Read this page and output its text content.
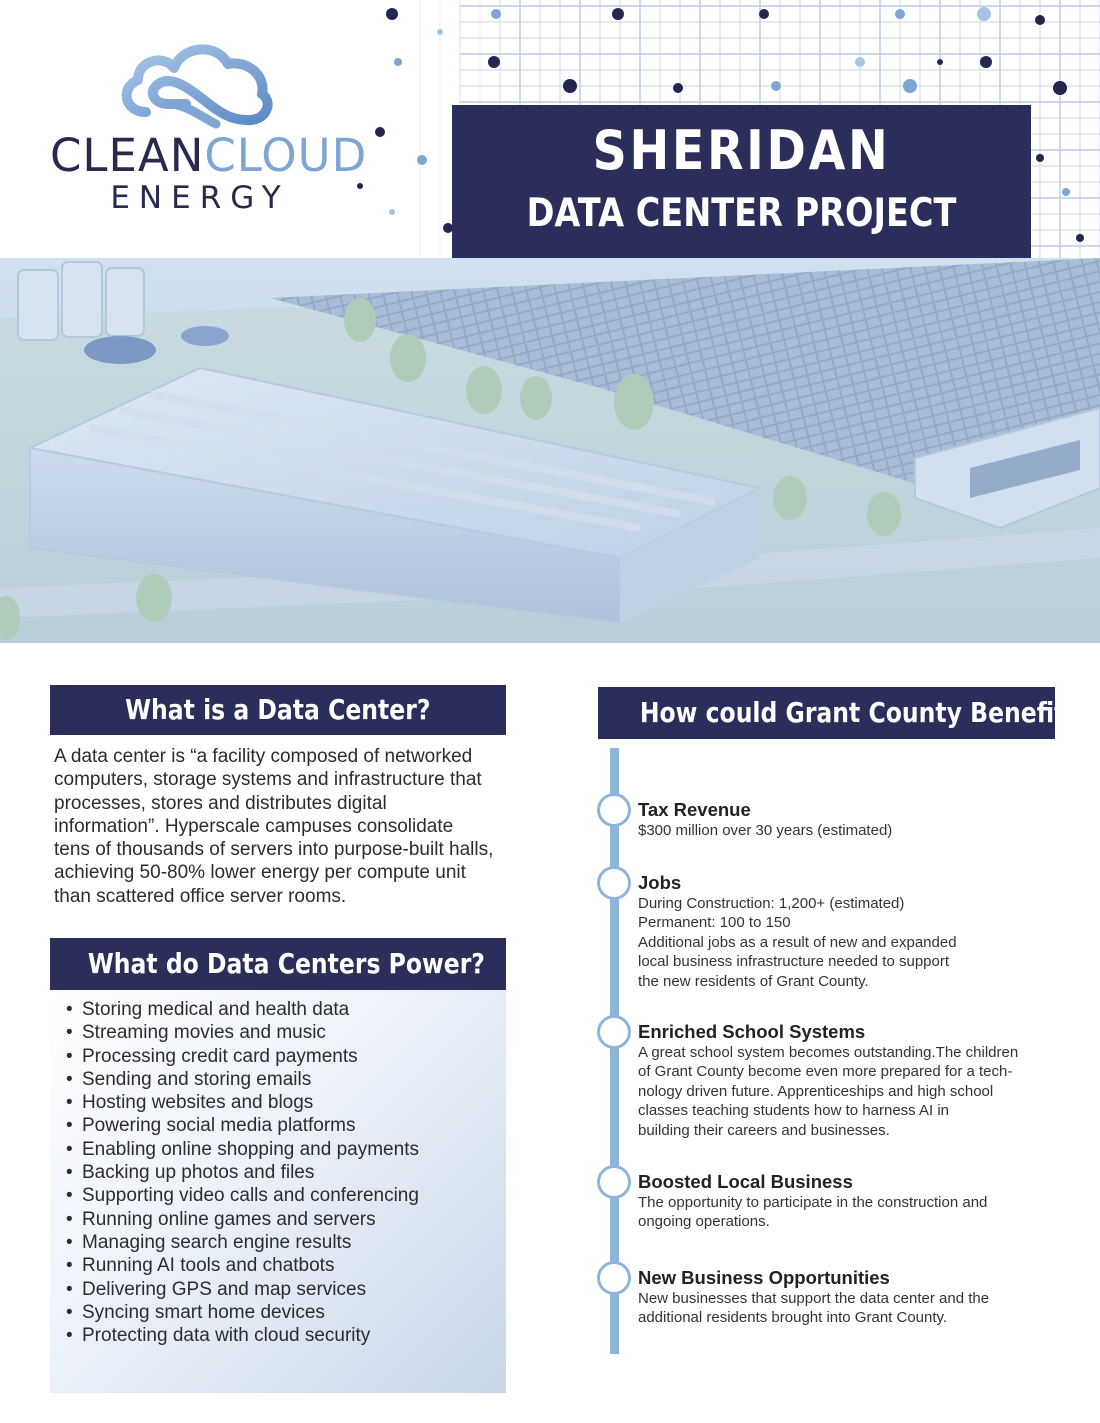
CLEANCLOUD
ENERGY
SHERIDAN
DATA CENTER PROJECT
What is a Data Center?
A data center is “a facility composed of networked computers, storage systems and infrastructure that processes, stores and distributes digital information”. Hyperscale campuses consolidate tens of thousands of servers into purpose-built halls, achieving 50-80% lower energy per compute unit than scattered office server rooms.
What do Data Centers Power?
• Storing medical and health data
• Streaming movies and music
• Processing credit card payments
• Sending and storing emails
• Hosting websites and blogs
• Powering social media platforms
• Enabling online shopping and payments
• Backing up photos and files
• Supporting video calls and conferencing
• Running online games and servers
• Managing search engine results
• Running AI tools and chatbots
• Delivering GPS and map services
• Syncing smart home devices
• Protecting data with cloud security
How could Grant County Benefit?
Tax Revenue
$300 million over 30 years (estimated)
Jobs
During Construction: 1,200+ (estimated)
Permanent: 100 to 150
Additional jobs as a result of new and expanded
local business infrastructure needed to support
the new residents of Grant County.
Enriched School Systems
A great school system becomes outstanding.The children
of Grant County become even more prepared for a tech-
nology driven future. Apprenticeships and high school
classes teaching students how to harness AI in
building their careers and businesses.
Boosted Local Business
The opportunity to participate in the construction and
ongoing operations.
New Business Opportunities
New businesses that support the data center and the
additional residents brought into Grant County.
